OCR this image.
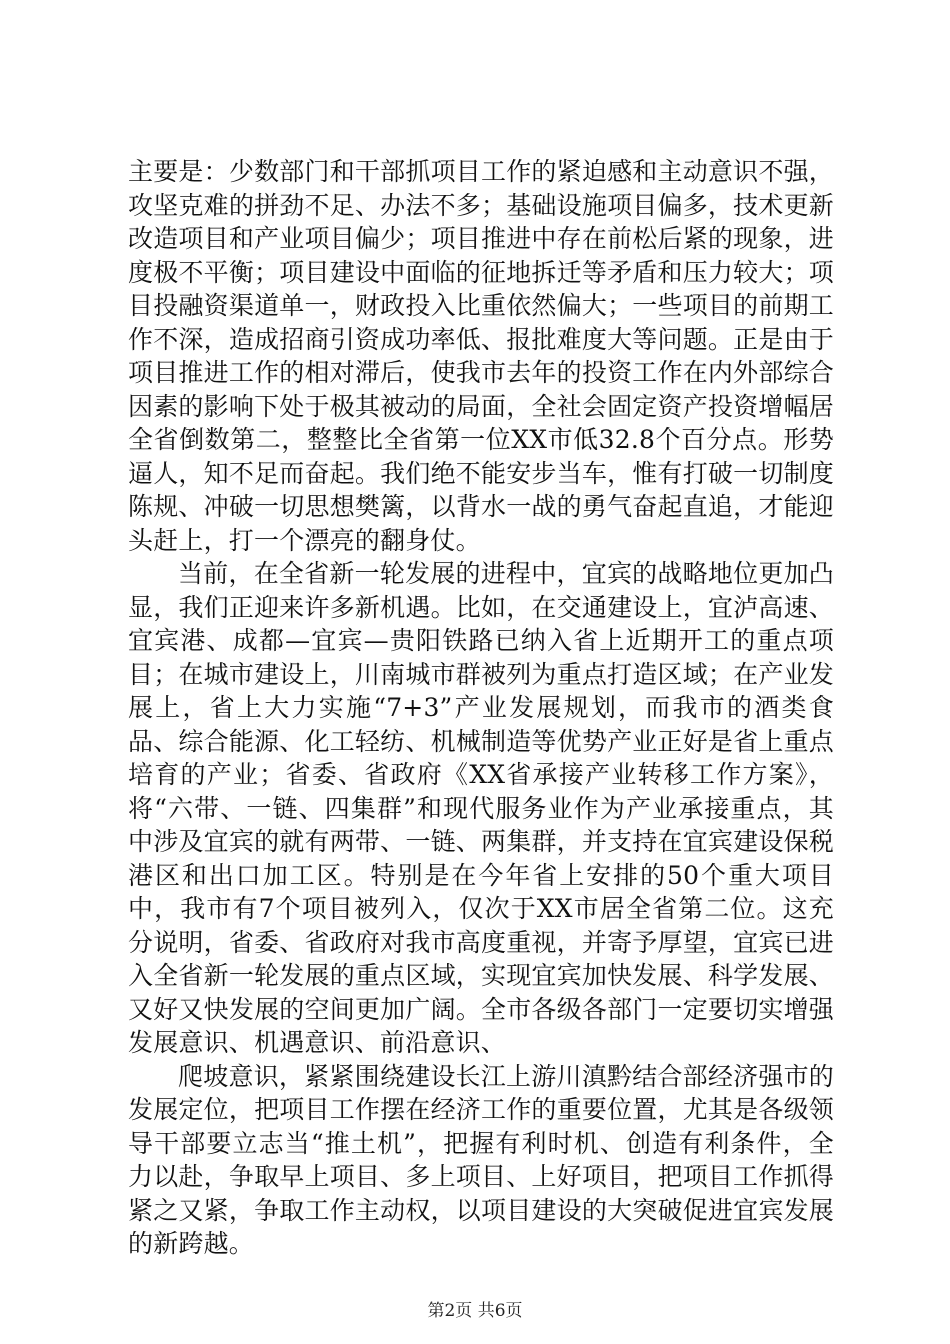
主要是：少数部门和干部抓项目工作的紧迫感和主动意识不强，攻坚克难的拼劲不足、办法不多；基础设施项目偏多，技术更新改造项目和产业项目偏少；项目推进中存在前松后紧的现象，进度极不平衡；项目建设中面临的征地拆迁等矛盾和压力较大；项目投融资渠道单一，财政投入比重依然偏大；一些项目的前期工作不深，造成招商引资成功率低、报批难度大等问题。正是由于项目推进工作的相对滞后，使我市去年的投资工作在内外部综合因素的影响下处于极其被动的局面，全社会固定资产投资增幅居全省倒数第二，整整比全省第一位XX市低32.8个百分点。形势逼人，知不足而奋起。我们绝不能安步当车，惟有打破一切制度陈规、冲破一切思想樊篱，以背水一战的勇气奋起直追，才能迎头赶上，打一个漂亮的翻身仗。

当前，在全省新一轮发展的进程中，宜宾的战略地位更加凸显，我们正迎来许多新机遇。比如，在交通建设上，宜泸高速、宜宾港、成都—宜宾—贵阳铁路已纳入省上近期开工的重点项目；在城市建设上，川南城市群被列为重点打造区域；在产业发展上，省上大力实施“7+3”产业发展规划，而我市的酒类食品、综合能源、化工轻纺、机械制造等优势产业正好是省上重点培育的产业；省委、省政府《XX省承接产业转移工作方案》，将“六带、一链、四集群”和现代服务业作为产业承接重点，其中涉及宜宾的就有两带、一链、两集群，并支持在宜宾建设保税港区和出口加工区。特别是在今年省上安排的50个重大项目中，我市有7个项目被列入，仅次于XX市居全省第二位。这充分说明，省委、省政府对我市高度重视，并寄予厚望，宜宾已进入全省新一轮发展的重点区域，实现宜宾加快发展、科学发展、又好又快发展的空间更加广阔。全市各级各部门一定要切实增强发展意识、机遇意识、前沿意识、

爬坡意识，紧紧围绕建设长江上游川滇黔结合部经济强市的发展定位，把项目工作摆在经济工作的重要位置，尤其是各级领导干部要立志当“推土机”，把握有利时机、创造有利条件，全力以赴，争取早上项目、多上项目、上好项目，把项目工作抓得紧之又紧，争取工作主动权，以项目建设的大突破促进宜宾发展的新跨越。

第2页 共6页
